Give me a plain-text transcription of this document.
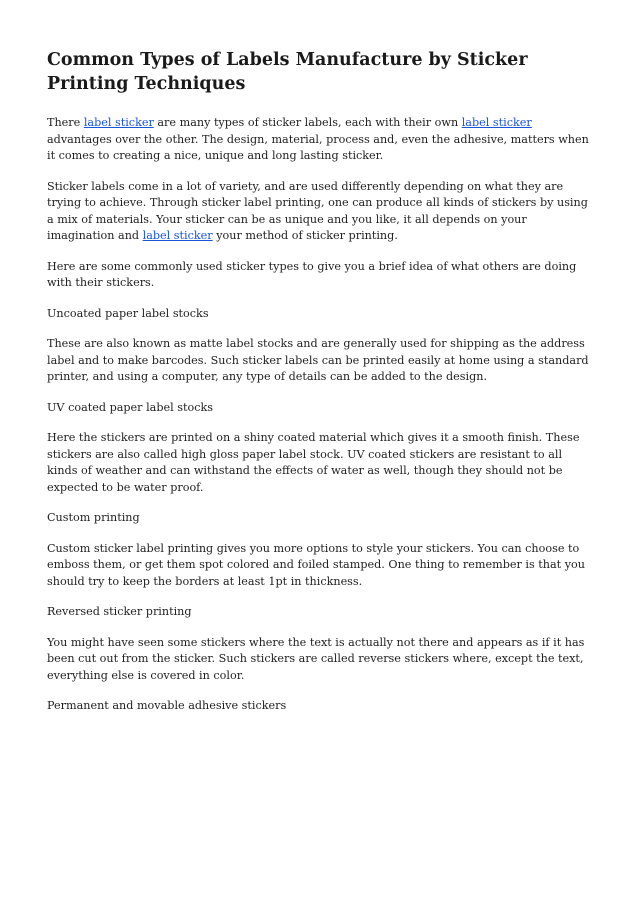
Common Types of Labels Manufacture by Sticker Printing Techniques

There label sticker are many types of sticker labels, each with their own label sticker advantages over the other. The design, material, process and, even the adhesive, matters when it comes to creating a nice, unique and long lasting sticker.

Sticker labels come in a lot of variety, and are used differently depending on what they are trying to achieve. Through sticker label printing, one can produce all kinds of stickers by using a mix of materials. Your sticker can be as unique and you like, it all depends on your imagination and label sticker your method of sticker printing.

Here are some commonly used sticker types to give you a brief idea of what others are doing with their stickers.

Uncoated paper label stocks

These are also known as matte label stocks and are generally used for shipping as the address label and to make barcodes. Such sticker labels can be printed easily at home using a standard printer, and using a computer, any type of details can be added to the design.

UV coated paper label stocks

Here the stickers are printed on a shiny coated material which gives it a smooth finish. These stickers are also called high gloss paper label stock. UV coated stickers are resistant to all kinds of weather and can withstand the effects of water as well, though they should not be expected to be water proof.

Custom printing

Custom sticker label printing gives you more options to style your stickers. You can choose to emboss them, or get them spot colored and foiled stamped. One thing to remember is that you should try to keep the borders at least 1pt in thickness.

Reversed sticker printing

You might have seen some stickers where the text is actually not there and appears as if it has been cut out from the sticker. Such stickers are called reverse stickers where, except the text, everything else is covered in color.

Permanent and movable adhesive stickers
